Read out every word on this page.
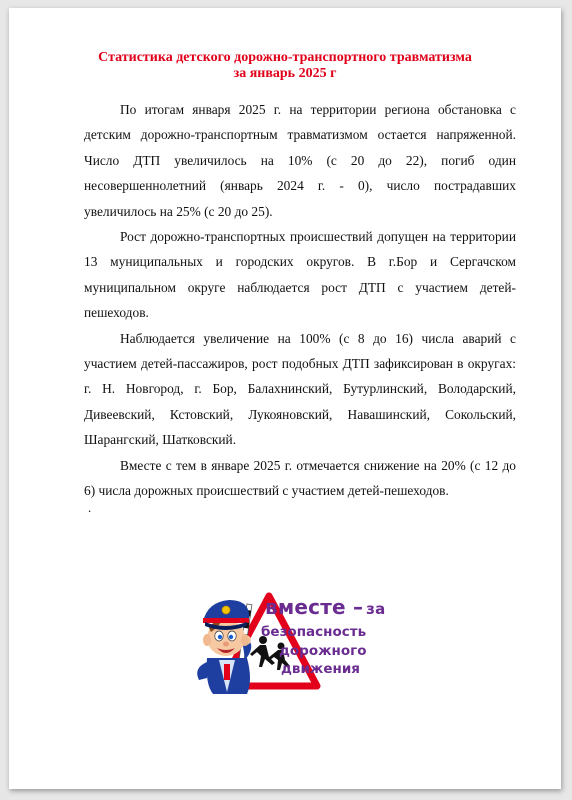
Статистика детского дорожно-транспортного травматизма
за январь 2025 г

По итогам января 2025 г. на территории региона обстановка с детским дорожно-транспортным травматизмом остается напряженной. Число ДТП увеличилось на 10% (с 20 до 22), погиб один несовершеннолетний (январь 2024 г. - 0), число пострадавших увеличилось на 25% (с 20 до 25).

Рост дорожно-транспортных происшествий допущен на территории 13 муниципальных и городских округов. В г.Бор и Сергачском муниципальном округе наблюдается рост ДТП с участием детей-пешеходов.

Наблюдается увеличение на 100% (с 8 до 16) числа аварий с участием детей-пассажиров, рост подобных ДТП зафиксирован в округах: г. Н. Новгород, г. Бор, Балахнинский, Бутурлинский, Володарский, Дивеевский, Кстовский, Лукояновский, Навашинский, Сокольский, Шарангский, Шатковский.

Вместе с тем в январе 2025 г. отмечается снижение на 20% (с 12 до 6) числа дорожных происшествий с участием детей-пешеходов.

.
вместе – за
безопасность
дорожного
движения
